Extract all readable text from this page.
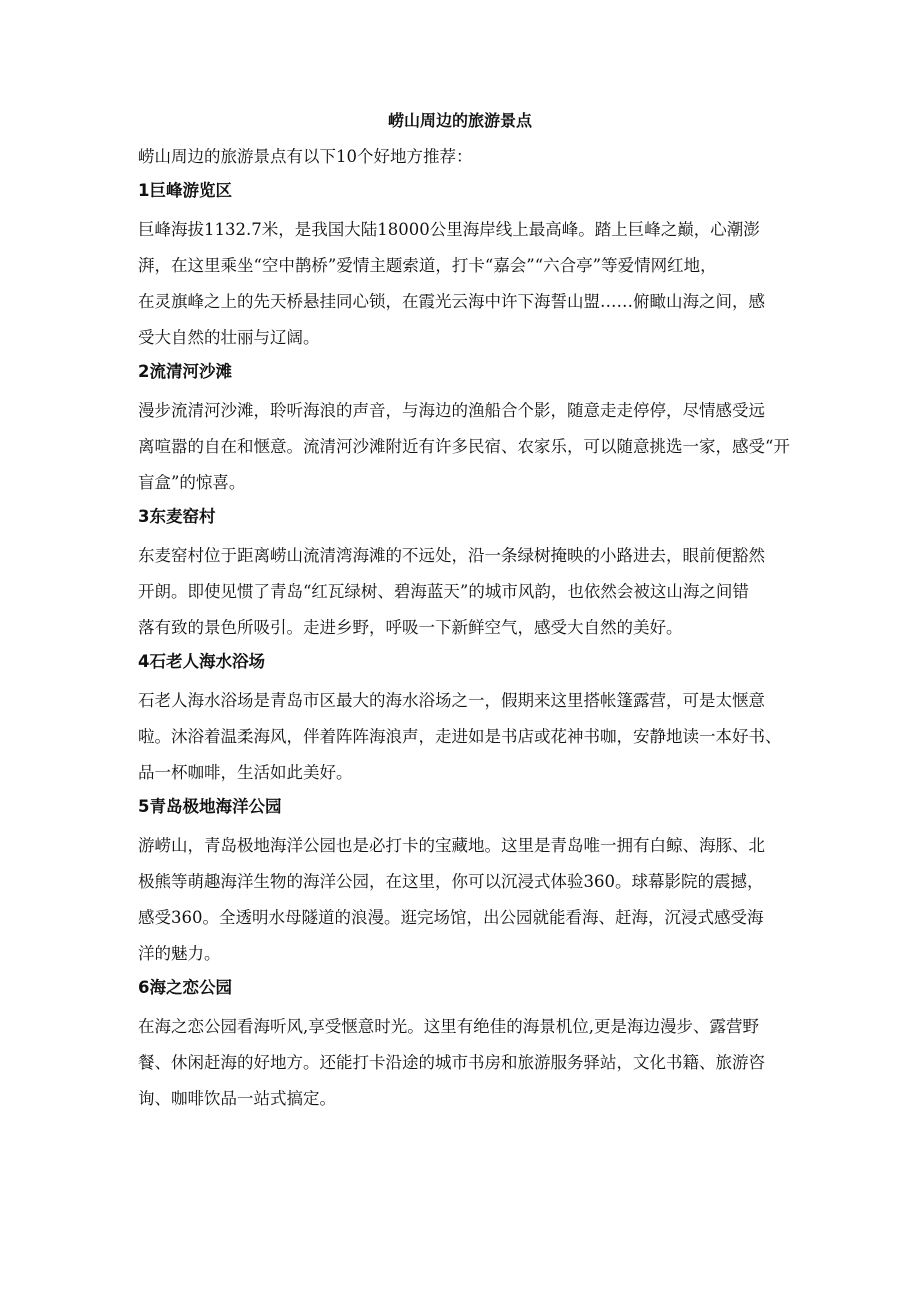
崂山周边的旅游景点

崂山周边的旅游景点有以下10个好地方推荐：

1巨峰游览区

巨峰海拔1132.7米，是我国大陆18000公里海岸线上最高峰。踏上巨峰之巅，心潮澎

湃，在这里乘坐“空中鹊桥”爱情主题索道，打卡“嘉会”“六合亭”等爱情网红地，

在灵旗峰之上的先天桥悬挂同心锁，在霞光云海中许下海誓山盟……俯瞰山海之间，感

受大自然的壮丽与辽阔。

2流清河沙滩

漫步流清河沙滩，聆听海浪的声音，与海边的渔船合个影，随意走走停停，尽情感受远

离喧嚣的自在和惬意。流清河沙滩附近有许多民宿、农家乐，可以随意挑选一家，感受“开

盲盒”的惊喜。

3东麦窑村

东麦窑村位于距离崂山流清湾海滩的不远处，沿一条绿树掩映的小路进去，眼前便豁然

开朗。即使见惯了青岛“红瓦绿树、碧海蓝天”的城市风韵，也依然会被这山海之间错

落有致的景色所吸引。走进乡野，呼吸一下新鲜空气，感受大自然的美好。

4石老人海水浴场

石老人海水浴场是青岛市区最大的海水浴场之一，假期来这里搭帐篷露营，可是太惬意

啦。沐浴着温柔海风，伴着阵阵海浪声，走进如是书店或花神书咖，安静地读一本好书、

品一杯咖啡，生活如此美好。

5青岛极地海洋公园

游崂山，青岛极地海洋公园也是必打卡的宝藏地。这里是青岛唯一拥有白鲸、海豚、北

极熊等萌趣海洋生物的海洋公园，在这里，你可以沉浸式体验360。球幕影院的震撼，

感受360。全透明水母隧道的浪漫。逛完场馆，出公园就能看海、赶海，沉浸式感受海

洋的魅力。

6海之恋公园

在海之恋公园看海听风,享受惬意时光。这里有绝佳的海景机位,更是海边漫步、露营野

餐、休闲赶海的好地方。还能打卡沿途的城市书房和旅游服务驿站，文化书籍、旅游咨

询、咖啡饮品一站式搞定。
